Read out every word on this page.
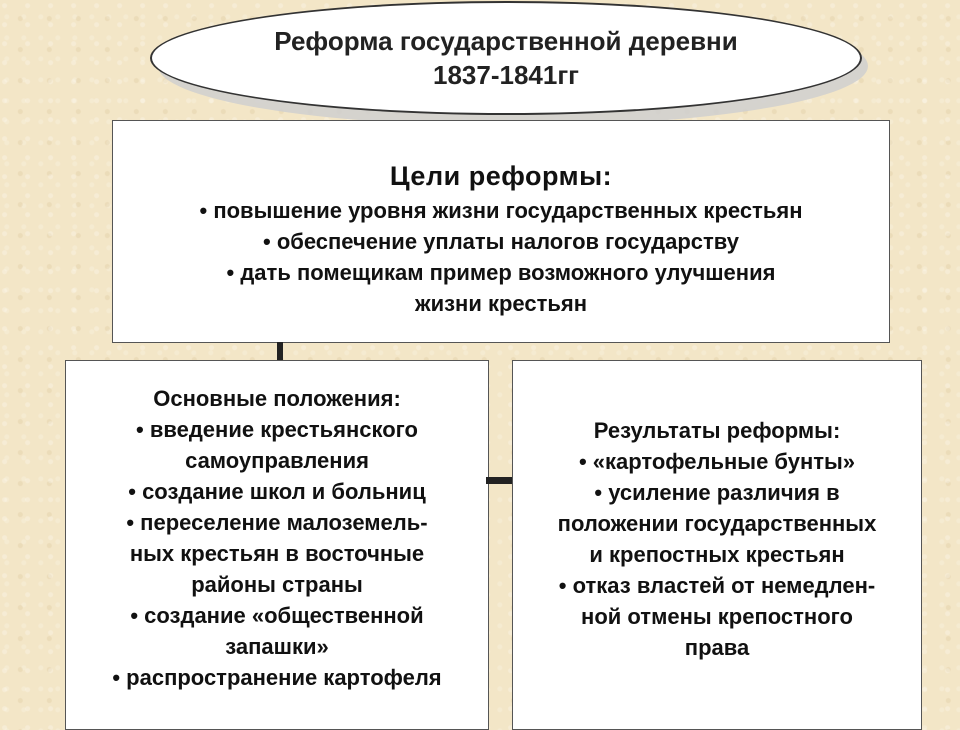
Реформа государственной деревни
1837-1841гг
Цели реформы:
• повышение уровня жизни государственных крестьян
• обеспечение уплаты налогов государству
• дать помещикам пример возможного улучшения
жизни крестьян
Основные положения:
• введение крестьянского
самоуправления
• создание школ и больниц
• переселение малоземель-
ных крестьян в восточные
районы страны
• создание «общественной
запашки»
• распространение картофеля
Результаты реформы:
• «картофельные бунты»
• усиление различия в
положении государственных
и крепостных крестьян
• отказ властей от немедлен-
ной отмены крепостного
права
